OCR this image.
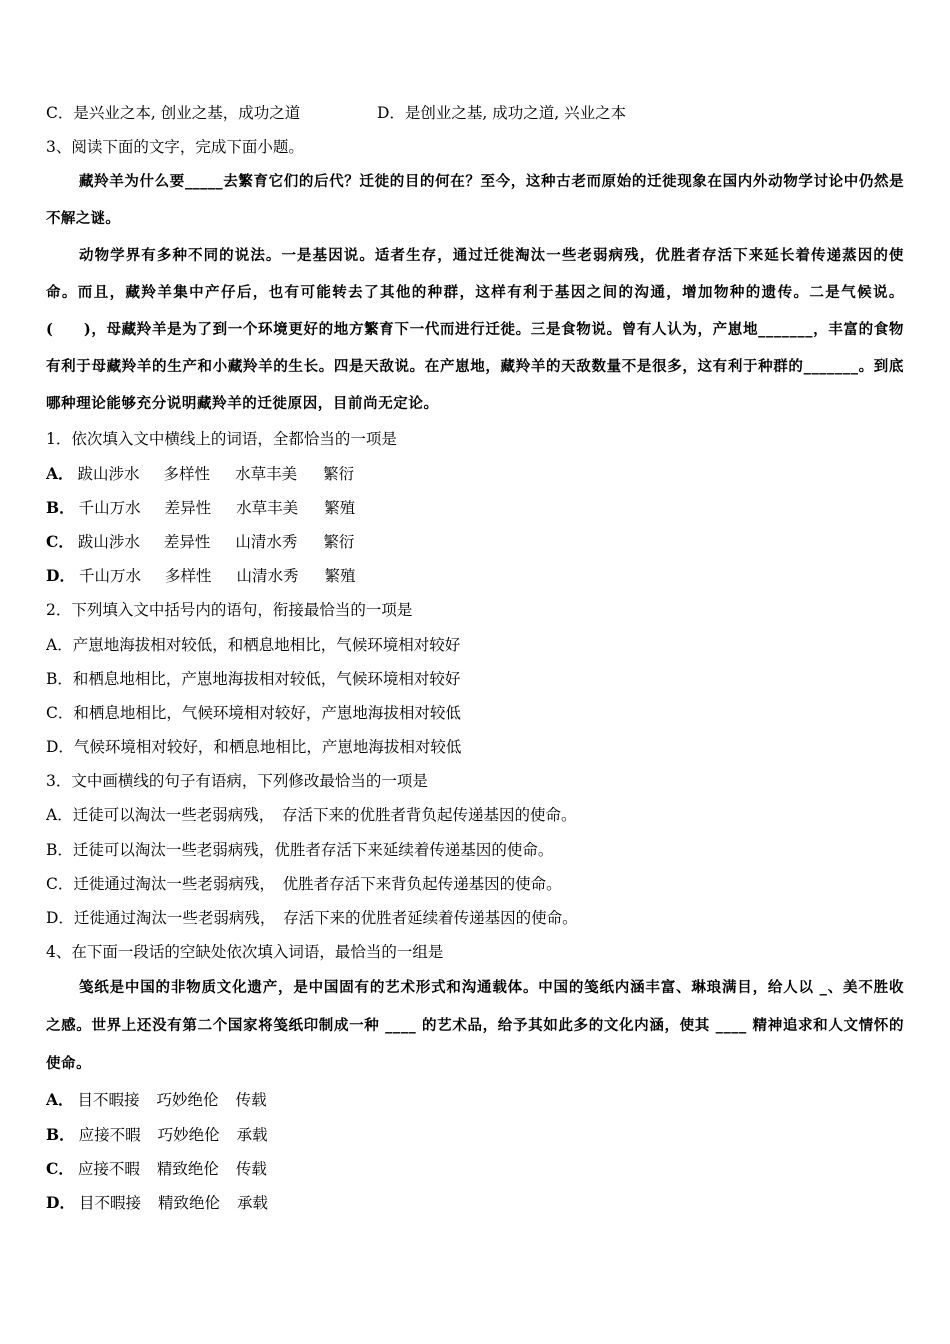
C．是兴业之本, 创业之基，成功之道	D．是创业之基, 成功之道, 兴业之本
3、阅读下面的文字，完成下面小题。
藏羚羊为什么要_____去繁育它们的后代？迁徙的目的何在？至今，这种古老而原始的迁徙现象在国内外动物学讨论中仍然是不解之谜。
动物学界有多种不同的说法。一是基因说。适者生存，通过迁徙淘汰一些老弱病残，优胜者存活下来延长着传递蒸因的使命。而且，藏羚羊集中产仔后，也有可能转去了其他的种群，这样有利于基因之间的沟通，增加物种的遗传。二是气候说。(　　)，母藏羚羊是为了到一个环境更好的地方繁育下一代而进行迁徙。三是食物说。曾有人认为，产崽地_______，丰富的食物有利于母藏羚羊的生产和小藏羚羊的生长。四是天敌说。在产崽地，藏羚羊的天敌数量不是很多，这有利于种群的_______。到底哪种理论能够充分说明藏羚羊的迁徙原因，目前尚无定论。
1．依次填入文中横线上的词语，全都恰当的一项是
A． 跋山涉水 多样性 水草丰美 繁衍
B． 千山万水 差异性 水草丰美 繁殖
C． 跋山涉水 差异性 山清水秀 繁衍
D． 千山万水 多样性 山清水秀 繁殖
2．下列填入文中括号内的语句，衔接最恰当的一项是
A．产崽地海拔相对较低，和栖息地相比，气候环境相对较好
B．和栖息地相比，产崽地海拔相对较低，气候环境相对较好
C．和栖息地相比，气候环境相对较好，产崽地海拔相对较低
D．气候环境相对较好，和栖息地相比，产崽地海拔相对较低
3．文中画横线的句子有语病，下列修改最恰当的一项是
A．迁徒可以淘汰一些老弱病残，　存活下来的优胜者背负起传递基因的使命。
B．迁徒可以淘汰一些老弱病残，优胜者存活下来延续着传递基因的使命。
C．迁徙通过淘汰一些老弱病残，　优胜者存活下来背负起传递基因的使命。
D．迁徙通过淘汰一些老弱病残，　存活下来的优胜者延续着传递基因的使命。
4、在下面一段话的空缺处依次填入词语，最恰当的一组是
笺纸是中国的非物质文化遗产，是中国固有的艺术形式和沟通载体。中国的笺纸内涵丰富、琳琅满目，给人以 _、美不胜收之感。世界上还没有第二个国家将笺纸印制成一种 ____ 的艺术品，给予其如此多的文化内涵，使其 ____ 精神追求和人文情怀的使命。
A． 目不暇接 巧妙绝伦 传载
B． 应接不暇 巧妙绝伦 承载
C． 应接不暇 精致绝伦 传载
D． 目不暇接 精致绝伦 承载
